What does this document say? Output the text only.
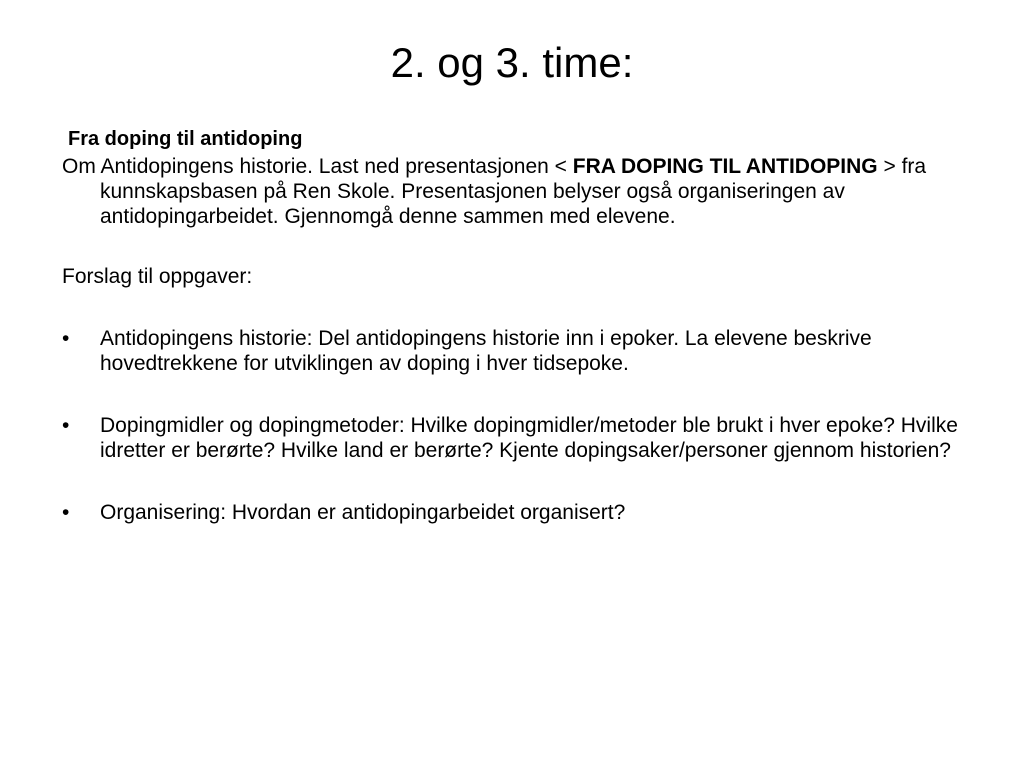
2. og 3. time:

Fra doping til antidoping

Om Antidopingens historie. Last ned presentasjonen < FRA DOPING TIL ANTIDOPING > fra kunnskapsbasen på Ren Skole. Presentasjonen belyser også organiseringen av antidopingarbeidet. Gjennomgå denne sammen med elevene.

Forslag til oppgaver:

•	Antidopingens historie: Del antidopingens historie inn i epoker. La elevene beskrive hovedtrekkene for utviklingen av doping i hver tidsepoke.
•	Dopingmidler og dopingmetoder: Hvilke dopingmidler/metoder ble brukt i hver epoke? Hvilke idretter er berørte? Hvilke land er berørte? Kjente dopingsaker/personer gjennom historien?
•	Organisering: Hvordan er antidopingarbeidet organisert?
